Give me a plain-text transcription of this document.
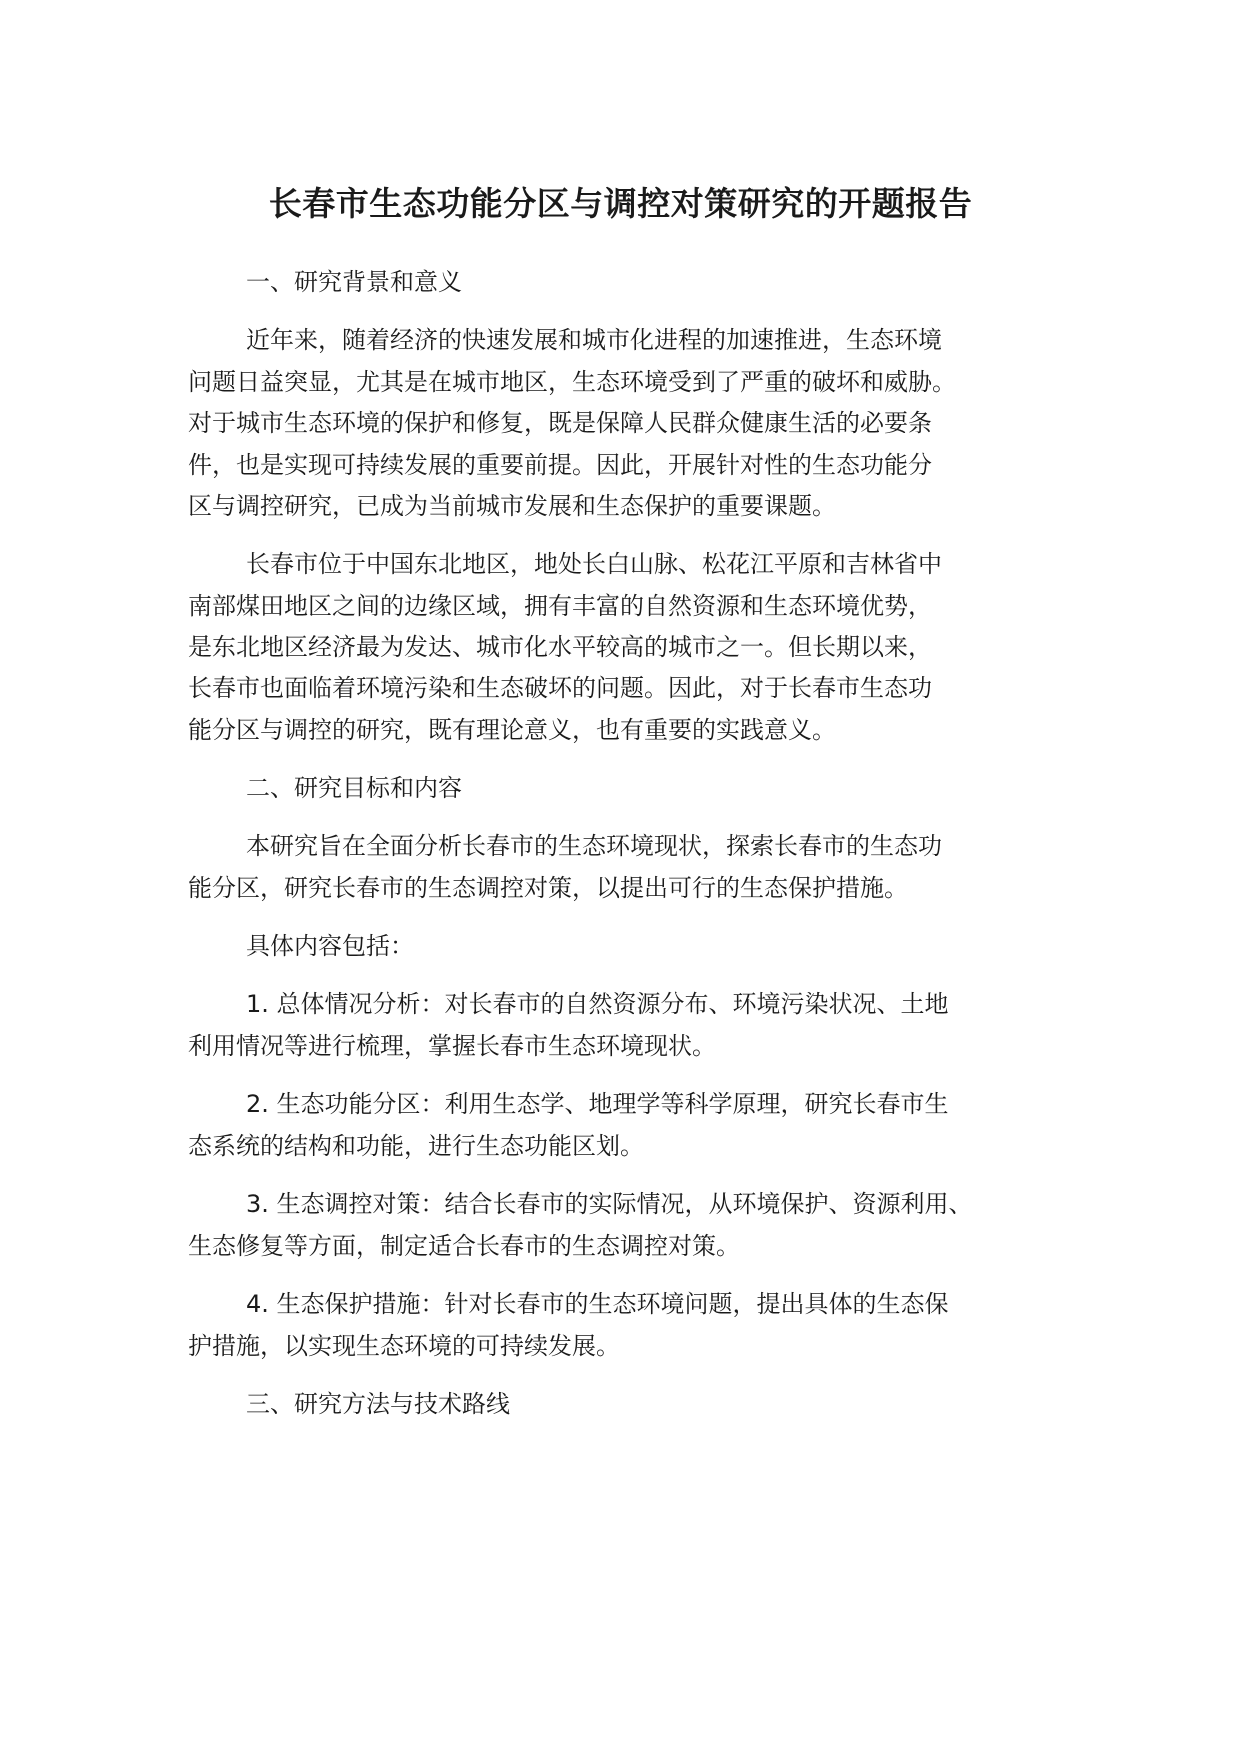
长春市生态功能分区与调控对策研究的开题报告

一、研究背景和意义

近年来，随着经济的快速发展和城市化进程的加速推进，生态环境

问题日益突显，尤其是在城市地区，生态环境受到了严重的破坏和威胁。

对于城市生态环境的保护和修复，既是保障人民群众健康生活的必要条

件，也是实现可持续发展的重要前提。因此，开展针对性的生态功能分

区与调控研究，已成为当前城市发展和生态保护的重要课题。

长春市位于中国东北地区，地处长白山脉、松花江平原和吉林省中

南部煤田地区之间的边缘区域，拥有丰富的自然资源和生态环境优势，

是东北地区经济最为发达、城市化水平较高的城市之一。但长期以来，

长春市也面临着环境污染和生态破坏的问题。因此，对于长春市生态功

能分区与调控的研究，既有理论意义，也有重要的实践意义。

二、研究目标和内容

本研究旨在全面分析长春市的生态环境现状，探索长春市的生态功

能分区，研究长春市的生态调控对策，以提出可行的生态保护措施。

具体内容包括：

1. 总体情况分析：对长春市的自然资源分布、环境污染状况、土地

利用情况等进行梳理，掌握长春市生态环境现状。

2. 生态功能分区：利用生态学、地理学等科学原理，研究长春市生

态系统的结构和功能，进行生态功能区划。

3. 生态调控对策：结合长春市的实际情况，从环境保护、资源利用、

生态修复等方面，制定适合长春市的生态调控对策。

4. 生态保护措施：针对长春市的生态环境问题，提出具体的生态保

护措施，以实现生态环境的可持续发展。

三、研究方法与技术路线
